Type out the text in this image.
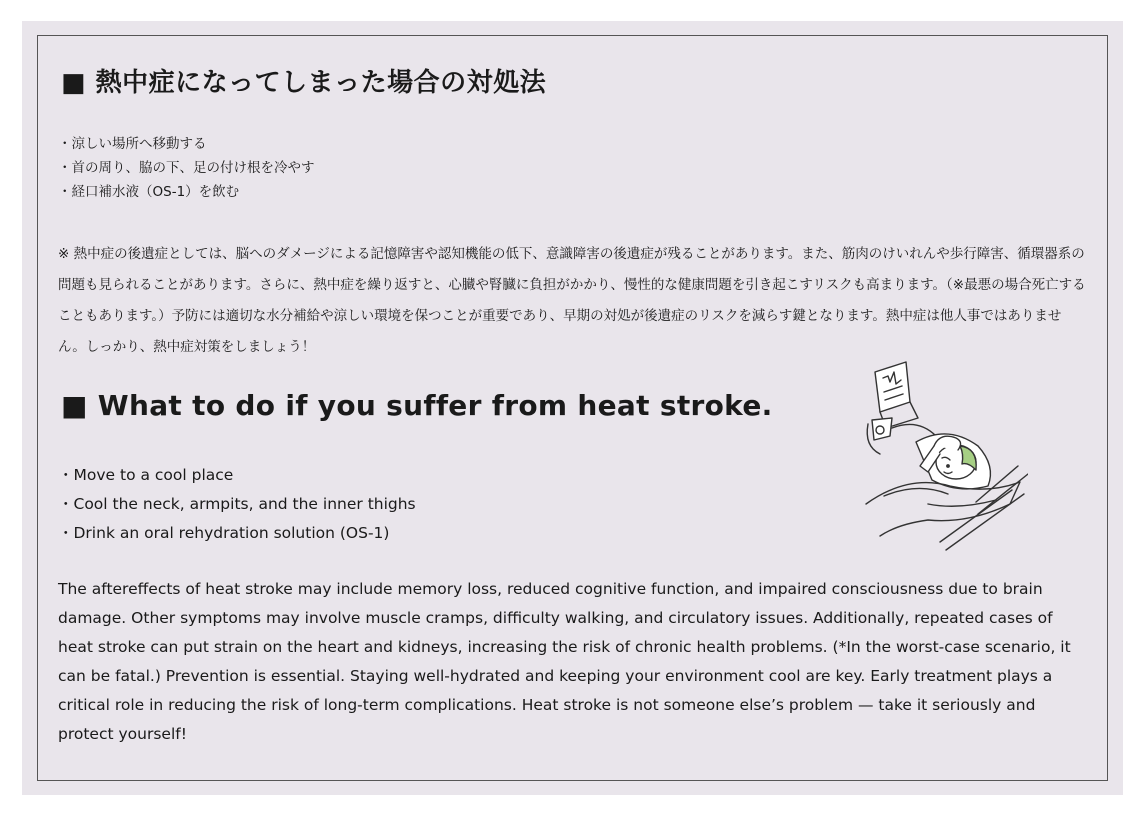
■ 熱中症になってしまった場合の対処法
・涼しい場所へ移動する
・首の周り、脇の下、足の付け根を冷やす
・経口補水液（OS-1）を飲む

※ 熱中症の後遺症としては、脳へのダメージによる記憶障害や認知機能の低下、意識障害の後遺症が残ることがあります。また、筋肉のけいれんや歩行障害、循環器系の問題も見られることがあります。さらに、熱中症を繰り返すと、心臓や腎臓に負担がかかり、慢性的な健康問題を引き起こすリスクも高まります。（※最悪の場合死亡することもあります。）予防には適切な水分補給や涼しい環境を保つことが重要であり、早期の対処が後遺症のリスクを減らす鍵となります。熱中症は他人事ではありません。しっかり、熱中症対策をしましょう！

■ What to do if you suffer from heat stroke.
・Move to a cool place
・Cool the neck, armpits, and the inner thighs
・Drink an oral rehydration solution (OS-1)

The aftereffects of heat stroke may include memory loss, reduced cognitive function, and impaired consciousness due to brain damage. Other symptoms may involve muscle cramps, difficulty walking, and circulatory issues. Additionally, repeated cases of heat stroke can put strain on the heart and kidneys, increasing the risk of chronic health problems. (*In the worst-case scenario, it can be fatal.) Prevention is essential. Staying well-hydrated and keeping your environment cool are key. Early treatment plays a critical role in reducing the risk of long-term complications. Heat stroke is not someone else’s problem — take it seriously and protect yourself!
